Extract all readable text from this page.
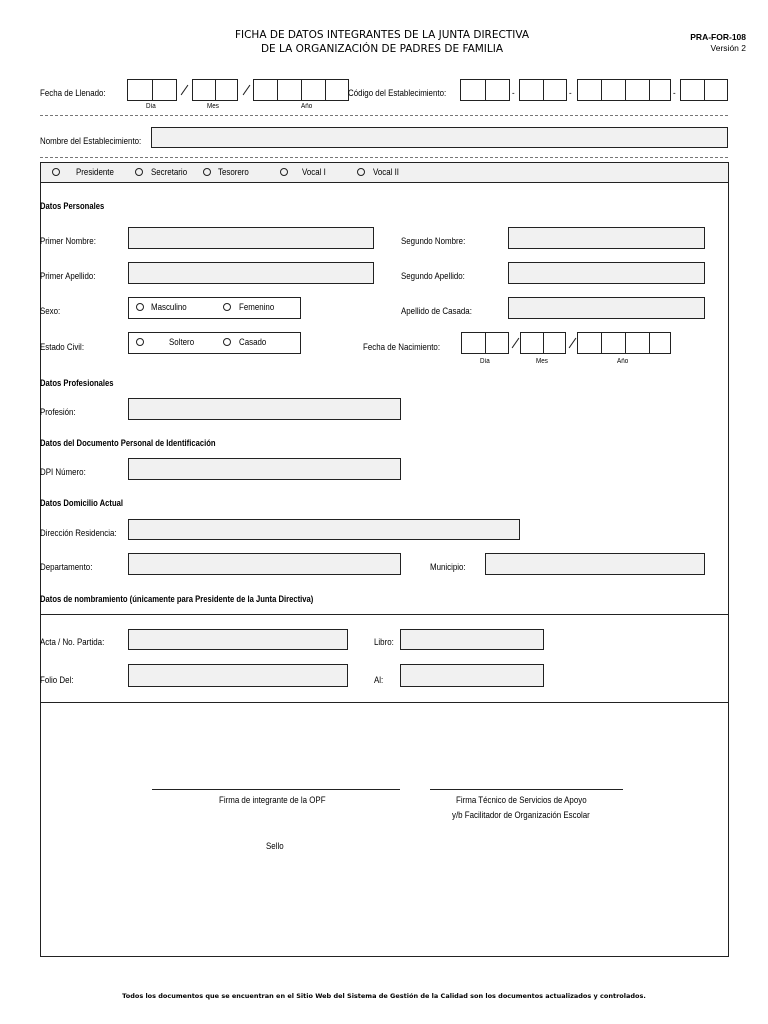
FICHA DE DATOS INTEGRANTES DE LA JUNTA DIRECTIVA
DE LA ORGANIZACIÓN DE PADRES DE FAMILIA
PRA-FOR-108
Versión 2
Fecha de Llenado:
Día	Mes	Año
Código del Establecimiento:	-	-	-
Nombre del Establecimiento:
Presidente	Secretario	Tesorero	Vocal I	Vocal II
Datos Personales
Primer Nombre:	Segundo Nombre:
Primer Apellido:	Segundo Apellido:
Sexo:	Masculino	Femenino	Apellido de Casada:
Estado Civil:	Soltero	Casado	Fecha de Nacimiento:
Día	Mes	Año
Datos Profesionales
Profesión:
Datos del Documento Personal de Identificación
DPI Número:
Datos Domicilio Actual
Dirección Residencia:
Departamento:	Municipio:
Datos de nombramiento (únicamente para Presidente de la Junta Directiva)
Acta / No. Partida:	Libro:
Folio Del:	Al:
Firma de integrante de la OPF	Firma Técnico de Servicios de Apoyo
y/b Facilitador de Organización Escolar
Sello
Todos los documentos que se encuentran en el Sitio Web del Sistema de Gestión de la Calidad son los documentos actualizados y controlados.
